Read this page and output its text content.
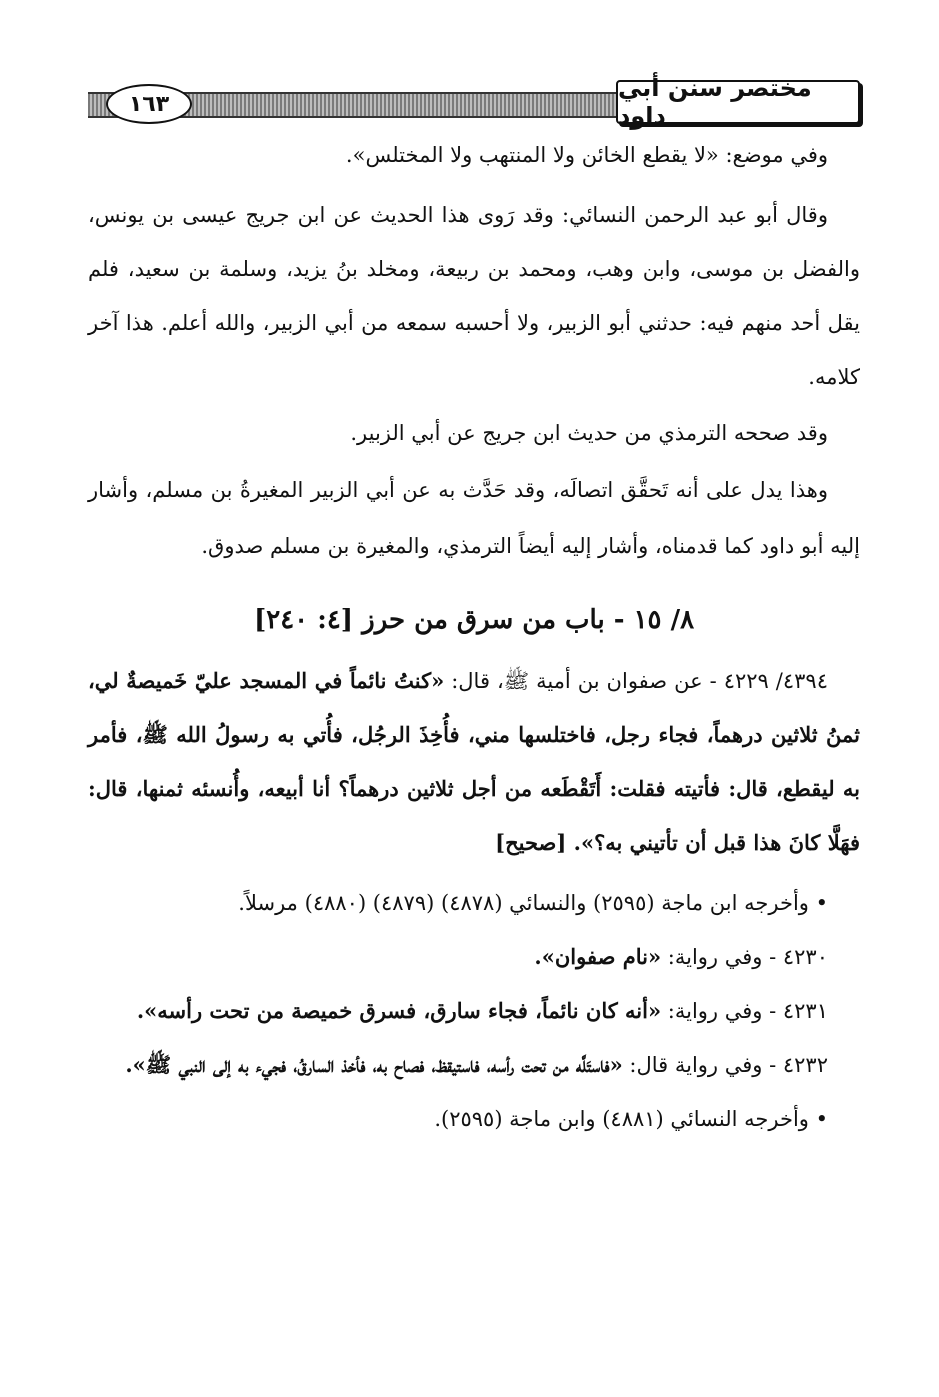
١٦٣
مختصر سنن أبي داود

وفي موضع: «لا يقطع الخائن ولا المنتهب ولا المختلس».

وقال أبو عبد الرحمن النسائي: وقد رَوى هذا الحديث عن ابن جريج عيسى بن يونس، والفضل بن موسى، وابن وهب، ومحمد بن ربيعة، ومخلد بنُ يزيد، وسلمة بن سعيد، فلم يقل أحد منهم فيه: حدثني أبو الزبير، ولا أحسبه سمعه من أبي الزبير، والله أعلم. هذا آخر كلامه.

وقد صححه الترمذي من حديث ابن جريج عن أبي الزبير.

وهذا يدل على أنه تَحقَّق اتصالَه، وقد حَدَّث به عن أبي الزبير المغيرةُ بن مسلم، وأشار إليه أبو داود كما قدمناه، وأشار إليه أيضاً الترمذي، والمغيرة بن مسلم صدوق.

٨/ ١٥ - باب من سرق من حرز [٤: ٢٤٠]

٤٣٩٤/ ٤٢٢٩ - عن صفوان بن أمية ﷺ، قال: «كنتُ نائماً في المسجد عليّ خَميصةٌ لي، ثمنُ ثلاثين درهماً، فجاء رجل، فاختلسها مني، فأُخِذَ الرجُل، فأُتي به رسولُ الله ﷺ، فأمر به ليقطع، قال: فأتيته فقلت: أَتَقْطَعه من أجل ثلاثين درهماً؟ أنا أبيعه، وأُنسئه ثمنها، قال: فهَلَّا كانَ هذا قبل أن تأتيني به؟». [صحيح]

• وأخرجه ابن ماجة (٢٥٩٥) والنسائي (٤٨٧٨) (٤٨٧٩) (٤٨٨٠) مرسلاً.

٤٢٣٠ - وفي رواية: «نام صفوان».

٤٢٣١ - وفي رواية: «أنه كان نائماً، فجاء سارق، فسرق خميصة من تحت رأسه».

٤٢٣٢ - وفي رواية قال: «فاستَلَّه من تحت رأسه، فاستيقظ، فصاح به، فأخذ السارقُ، فجيء به إلى النبي ﷺ».

• وأخرجه النسائي (٤٨٨١) وابن ماجة (٢٥٩٥).
